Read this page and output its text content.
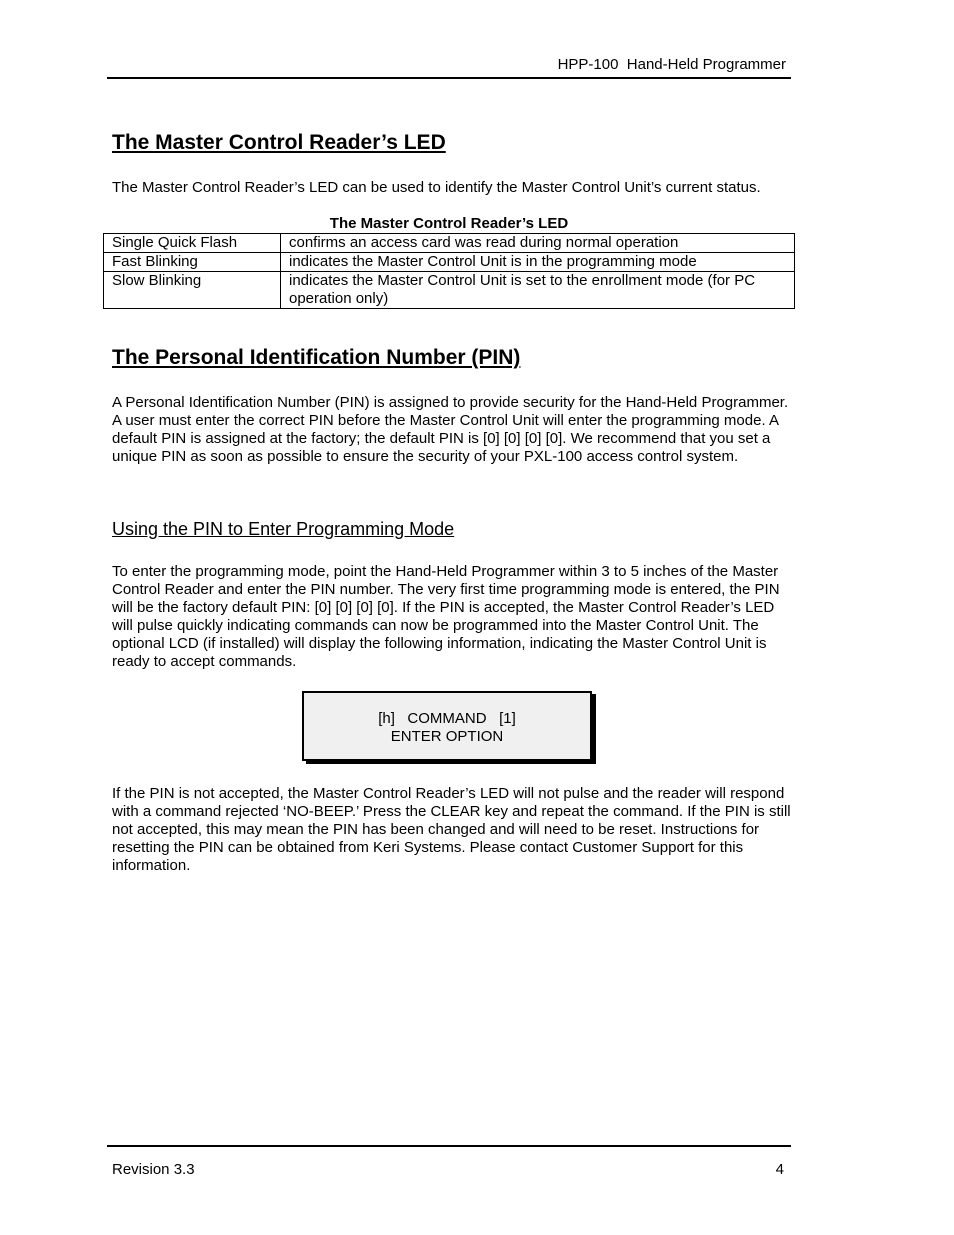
HPP-100  Hand-Held Programmer
The Master Control Reader’s LED
The Master Control Reader’s LED can be used to identify the Master Control Unit’s current status.
The Master Control Reader’s LED
Single Quick Flash	confirms an access card was read during normal operation
Fast Blinking	indicates the Master Control Unit is in the programming mode
Slow Blinking	indicates the Master Control Unit is set to the enrollment mode (for PC operation only)
The Personal Identification Number (PIN)
A Personal Identification Number (PIN) is assigned to provide security for the Hand-Held Programmer. A user must enter the correct PIN before the Master Control Unit will enter the programming mode. A default PIN is assigned at the factory; the default PIN is [0] [0] [0] [0]. We recommend that you set a unique PIN as soon as possible to ensure the security of your PXL-100 access control system.
Using the PIN to Enter Programming Mode
To enter the programming mode, point the Hand-Held Programmer within 3 to 5 inches of the Master Control Reader and enter the PIN number. The very first time programming mode is entered, the PIN will be the factory default PIN: [0] [0] [0] [0]. If the PIN is accepted, the Master Control Reader’s LED will pulse quickly indicating commands can now be programmed into the Master Control Unit. The optional LCD (if installed) will display the following information, indicating the Master Control Unit is ready to accept commands.
[h]   COMMAND   [1]
ENTER OPTION
If the PIN is not accepted, the Master Control Reader’s LED will not pulse and the reader will respond with a command rejected ‘NO-BEEP.’ Press the CLEAR key and repeat the command. If the PIN is still not accepted, this may mean the PIN has been changed and will need to be reset. Instructions for resetting the PIN can be obtained from Keri Systems. Please contact Customer Support for this information.
Revision 3.3	4
